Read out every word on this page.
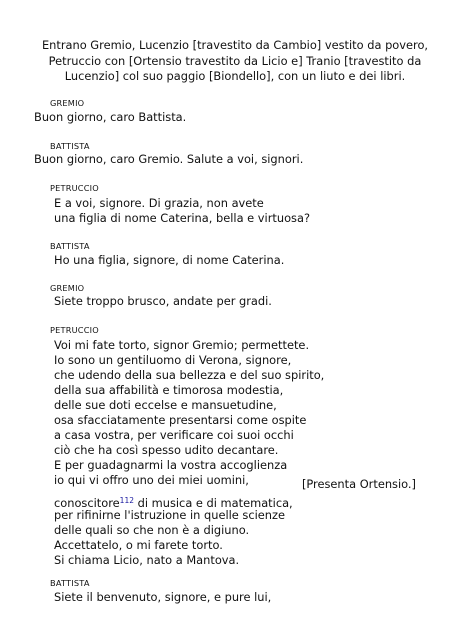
Entrano Gremio, Lucenzio [travestito da Cambio] vestito da povero,
Petruccio con [Ortensio travestito da Licio e] Tranio [travestito da
Lucenzio] col suo paggio [Biondello], con un liuto e dei libri.
GREMIO
Buon giorno, caro Battista.
BATTISTA
Buon giorno, caro Gremio. Salute a voi, signori.
PETRUCCIO
E a voi, signore. Di grazia, non avete
una figlia di nome Caterina, bella e virtuosa?
BATTISTA
Ho una figlia, signore, di nome Caterina.
GREMIO
Siete troppo brusco, andate per gradi.
PETRUCCIO
Voi mi fate torto, signor Gremio; permettete.
Io sono un gentiluomo di Verona, signore,
che udendo della sua bellezza e del suo spirito,
della sua affabilità e timorosa modestia,
delle sue doti eccelse e mansuetudine,
osa sfacciatamente presentarsi come ospite
a casa vostra, per verificare coi suoi occhi
ciò che ha così spesso udito decantare.
E per guadagnarmi la vostra accoglienza
io qui vi offro uno dei miei uomini,	[Presenta Ortensio.]
conoscitore$^{112}$ di musica e di matematica,
per rifinirne l'istruzione in quelle scienze
delle quali so che non è a digiuno.
Accettatelo, o mi farete torto.
Si chiama Licio, nato a Mantova.
BATTISTA
Siete il benvenuto, signore, e pure lui,
